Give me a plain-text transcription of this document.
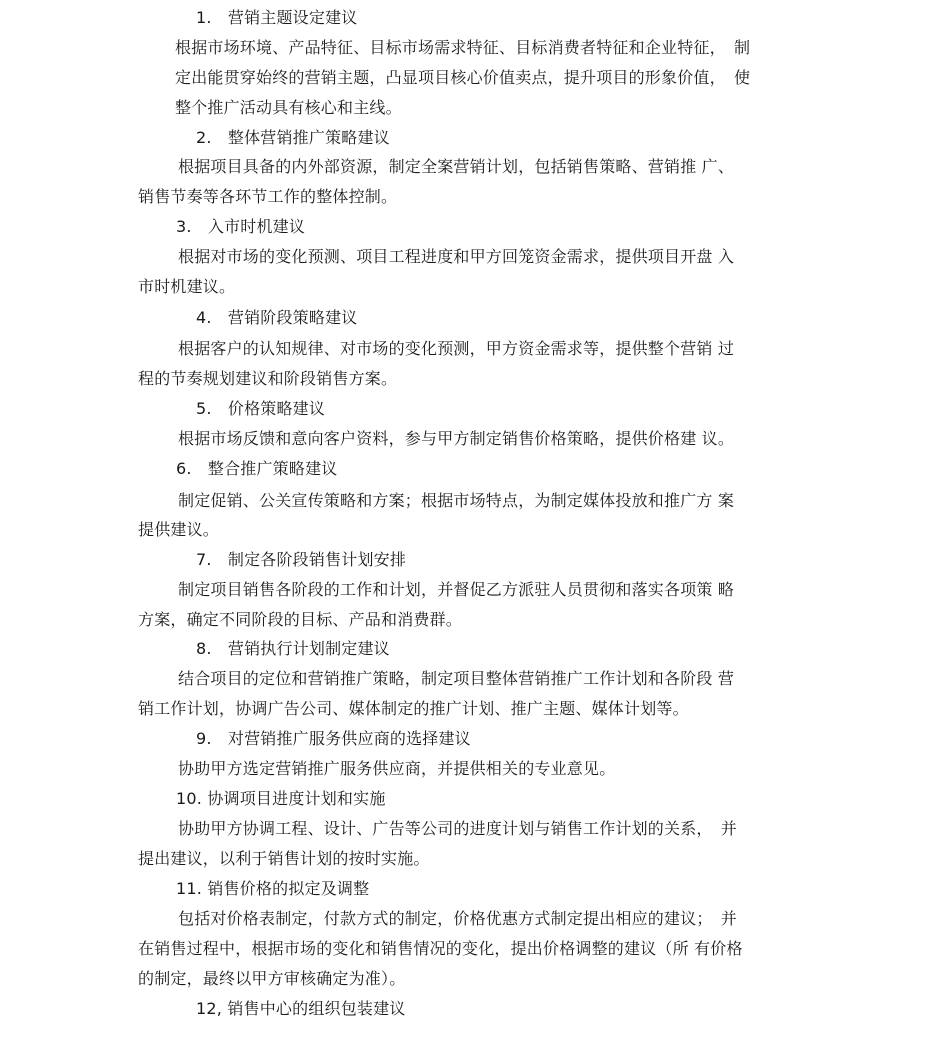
1.　营销主题设定建议
根据市场环境、产品特征、目标市场需求特征、目标消费者特征和企业特征，　制
定出能贯穿始终的营销主题，凸显项目核心价值卖点，提升项目的形象价值，　使
整个推广活动具有核心和主线。
2.　整体营销推广策略建议
根据项目具备的内外部资源，制定全案营销计划，包括销售策略、营销推 广、
销售节奏等各环节工作的整体控制。
3.　入市时机建议
根据对市场的变化预测、项目工程进度和甲方回笼资金需求，提供项目开盘 入
市时机建议。
4.　营销阶段策略建议
根据客户的认知规律、对市场的变化预测，甲方资金需求等，提供整个营销 过
程的节奏规划建议和阶段销售方案。
5.　价格策略建议
根据市场反馈和意向客户资料，参与甲方制定销售价格策略，提供价格建 议。
6.　整合推广策略建议
制定促销、公关宣传策略和方案；根据市场特点，为制定媒体投放和推广方 案
提供建议。
7.　制定各阶段销售计划安排
制定项目销售各阶段的工作和计划，并督促乙方派驻人员贯彻和落实各项策 略
方案，确定不同阶段的目标、产品和消费群。
8.　营销执行计划制定建议
结合项目的定位和营销推广策略，制定项目整体营销推广工作计划和各阶段 营
销工作计划，协调广告公司、媒体制定的推广计划、推广主题、媒体计划等。
9.　对营销推广服务供应商的选择建议
协助甲方选定营销推广服务供应商，并提供相关的专业意见。
10. 协调项目进度计划和实施
协助甲方协调工程、设计、广告等公司的进度计划与销售工作计划的关系，　并
提出建议，以利于销售计划的按时实施。
11. 销售价格的拟定及调整
包括对价格表制定，付款方式的制定，价格优惠方式制定提出相应的建议；　并
在销售过程中，根据市场的变化和销售情况的变化，提出价格调整的建议（所 有价格
的制定，最终以甲方审核确定为准）。
12, 销售中心的组织包装建议
